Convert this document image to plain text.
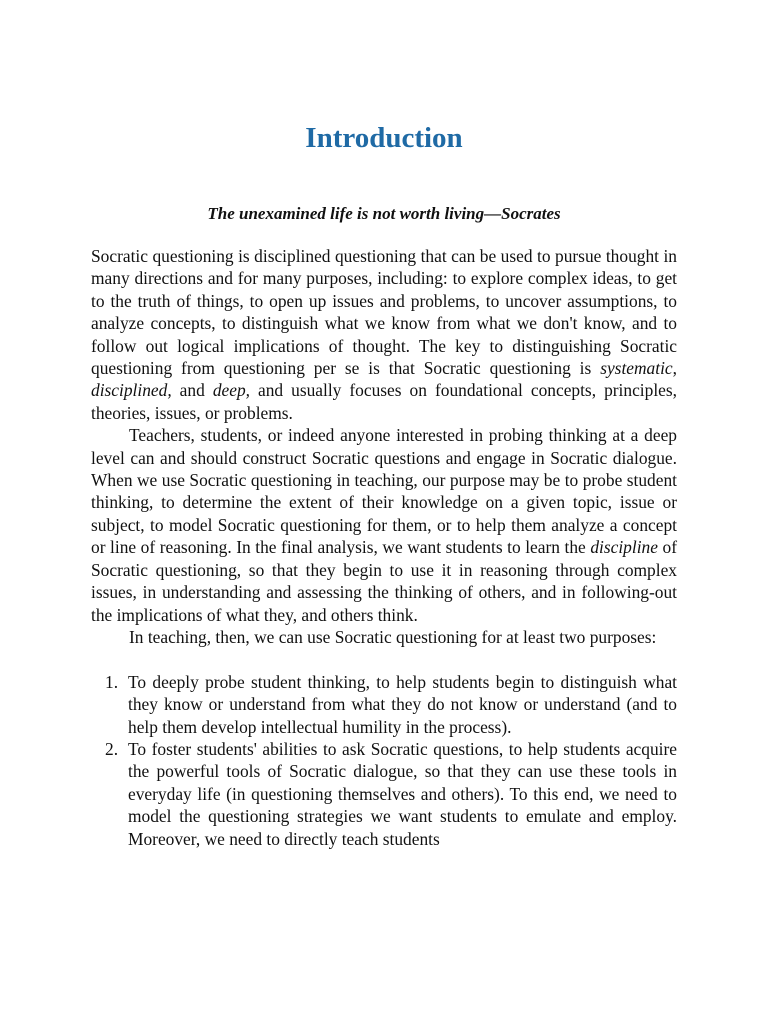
Introduction

The unexamined life is not worth living—Socrates

Socratic questioning is disciplined questioning that can be used to pursue thought in many directions and for many purposes, including: to explore complex ideas, to get to the truth of things, to open up issues and problems, to uncover assumptions, to analyze concepts, to distinguish what we know from what we don't know, and to follow out logical implications of thought. The key to distinguishing Socratic questioning from questioning per se is that Socratic questioning is systematic, disciplined, and deep, and usually focuses on foundational concepts, principles, theories, issues, or problems.

Teachers, students, or indeed anyone interested in probing thinking at a deep level can and should construct Socratic questions and engage in Socratic dialogue. When we use Socratic questioning in teaching, our purpose may be to probe student thinking, to determine the extent of their knowledge on a given topic, issue or subject, to model Socratic questioning for them, or to help them analyze a concept or line of reasoning. In the final analysis, we want students to learn the discipline of Socratic questioning, so that they begin to use it in reasoning through complex issues, in understanding and assessing the thinking of others, and in following-out the implications of what they, and others think.

In teaching, then, we can use Socratic questioning for at least two purposes:

1. To deeply probe student thinking, to help students begin to distinguish what they know or understand from what they do not know or understand (and to help them develop intellectual humility in the process).
2. To foster students' abilities to ask Socratic questions, to help students acquire the powerful tools of Socratic dialogue, so that they can use these tools in everyday life (in questioning themselves and others). To this end, we need to model the questioning strategies we want students to emulate and employ. Moreover, we need to directly teach students
